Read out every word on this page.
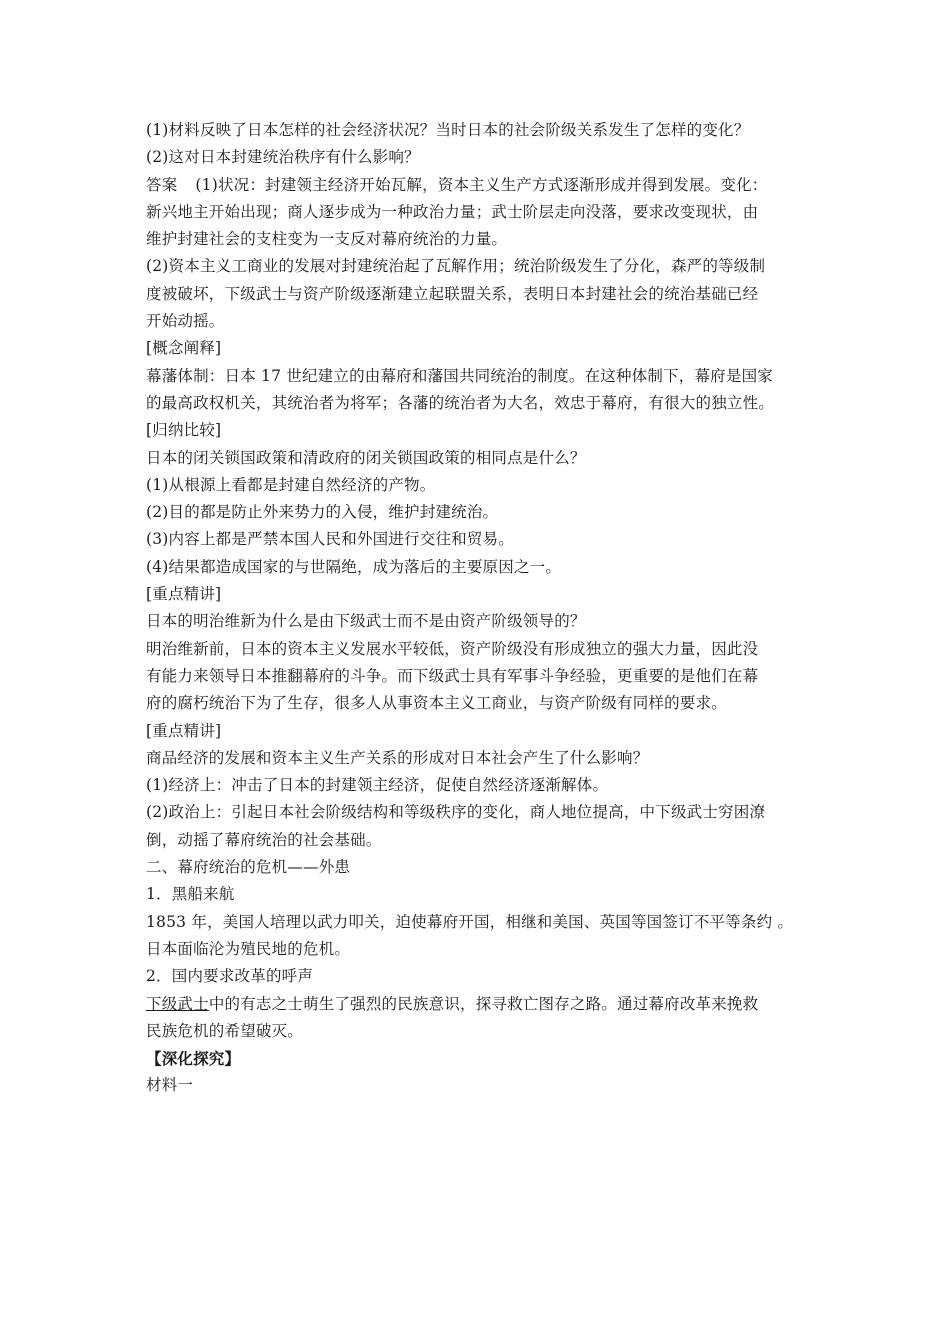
(1)材料反映了日本怎样的社会经济状况？当时日本的社会阶级关系发生了怎样的变化？
(2)这对日本封建统治秩序有什么影响？
答案 (1)状况：封建领主经济开始瓦解，资本主义生产方式逐渐形成并得到发展。变化：
新兴地主开始出现；商人逐步成为一种政治力量；武士阶层走向没落，要求改变现状，由
维护封建社会的支柱变为一支反对幕府统治的力量。
(2)资本主义工商业的发展对封建统治起了瓦解作用；统治阶级发生了分化，森严的等级制
度被破坏，下级武士与资产阶级逐渐建立起联盟关系，表明日本封建社会的统治基础已经
开始动摇。
[概念阐释]
幕藩体制：日本 17 世纪建立的由幕府和藩国共同统治的制度。在这种体制下，幕府是国家
的最高政权机关，其统治者为将军；各藩的统治者为大名，效忠于幕府，有很大的独立性。
[归纳比较]
日本的闭关锁国政策和清政府的闭关锁国政策的相同点是什么？
(1)从根源上看都是封建自然经济的产物。
(2)目的都是防止外来势力的入侵，维护封建统治。
(3)内容上都是严禁本国人民和外国进行交往和贸易。
(4)结果都造成国家的与世隔绝，成为落后的主要原因之一。
[重点精讲]
日本的明治维新为什么是由下级武士而不是由资产阶级领导的？
明治维新前，日本的资本主义发展水平较低，资产阶级没有形成独立的强大力量，因此没
有能力来领导日本推翻幕府的斗争。而下级武士具有军事斗争经验，更重要的是他们在幕
府的腐朽统治下为了生存，很多人从事资本主义工商业，与资产阶级有同样的要求。
[重点精讲]
商品经济的发展和资本主义生产关系的形成对日本社会产生了什么影响？
(1)经济上：冲击了日本的封建领主经济，促使自然经济逐渐解体。
(2)政治上：引起日本社会阶级结构和等级秩序的变化，商人地位提高，中下级武士穷困潦
倒，动摇了幕府统治的社会基础。
二、幕府统治的危机——外患
1．黑船来航
1853 年，美国人培理以武力叩关，迫使幕府开国，相继和美国、英国等国签订不平等条约 。
日本面临沦为殖民地的危机。
2．国内要求改革的呼声
下级武士中的有志之士萌生了强烈的民族意识，探寻救亡图存之路。通过幕府改革来挽救
民族危机的希望破灭。
【深化探究】
材料一
